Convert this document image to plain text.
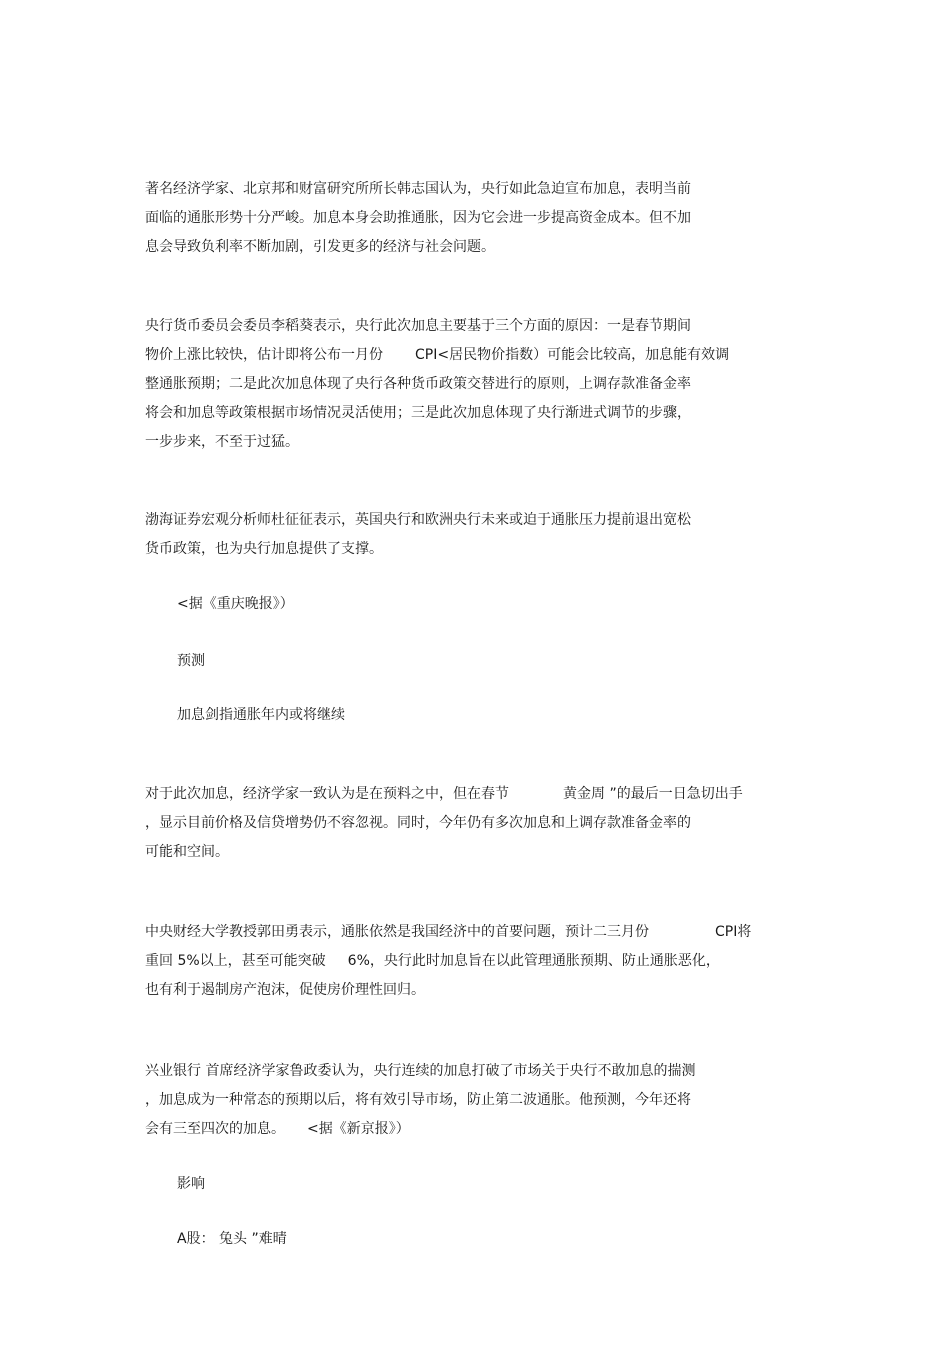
著名经济学家、北京邦和财富研究所所长韩志国认为，央行如此急迫宣布加息，表明当前
面临的通胀形势十分严峻。加息本身会助推通胀，因为它会进一步提高资金成本。但不加
息会导致负利率不断加剧，引发更多的经济与社会问题。
央行货币委员会委员李稻葵表示，央行此次加息主要基于三个方面的原因：一是春节期间
物价上涨比较快，估计即将公布一月份 CPI<居民物价指数）可能会比较高，加息能有效调
整通胀预期；二是此次加息体现了央行各种货币政策交替进行的原则，上调存款准备金率
将会和加息等政策根据市场情况灵活使用；三是此次加息体现了央行渐进式调节的步骤，
一步步来，不至于过猛。
渤海证券宏观分析师杜征征表示，英国央行和欧洲央行未来或迫于通胀压力提前退出宽松
货币政策，也为央行加息提供了支撑。
<据《重庆晚报》）
预测
加息剑指通胀年内或将继续
对于此次加息，经济学家一致认为是在预料之中，但在春节	黄金周 ”的最后一日急切出手
，显示目前价格及信贷增势仍不容忽视。同时，今年仍有多次加息和上调存款准备金率的
可能和空间。
中央财经大学教授郭田勇表示，通胀依然是我国经济中的首要问题，预计二三月份	CPI将
重回 5%以上，甚至可能突破 6%，央行此时加息旨在以此管理通胀预期、防止通胀恶化，
也有利于遏制房产泡沫，促使房价理性回归。
兴业银行 首席经济学家鲁政委认为，央行连续的加息打破了市场关于央行不敢加息的揣测
，加息成为一种常态的预期以后，将有效引导市场，防止第二波通胀。他预测，今年还将
会有三至四次的加息。 <据《新京报》）
影响
A股： 兔头 ”难晴
